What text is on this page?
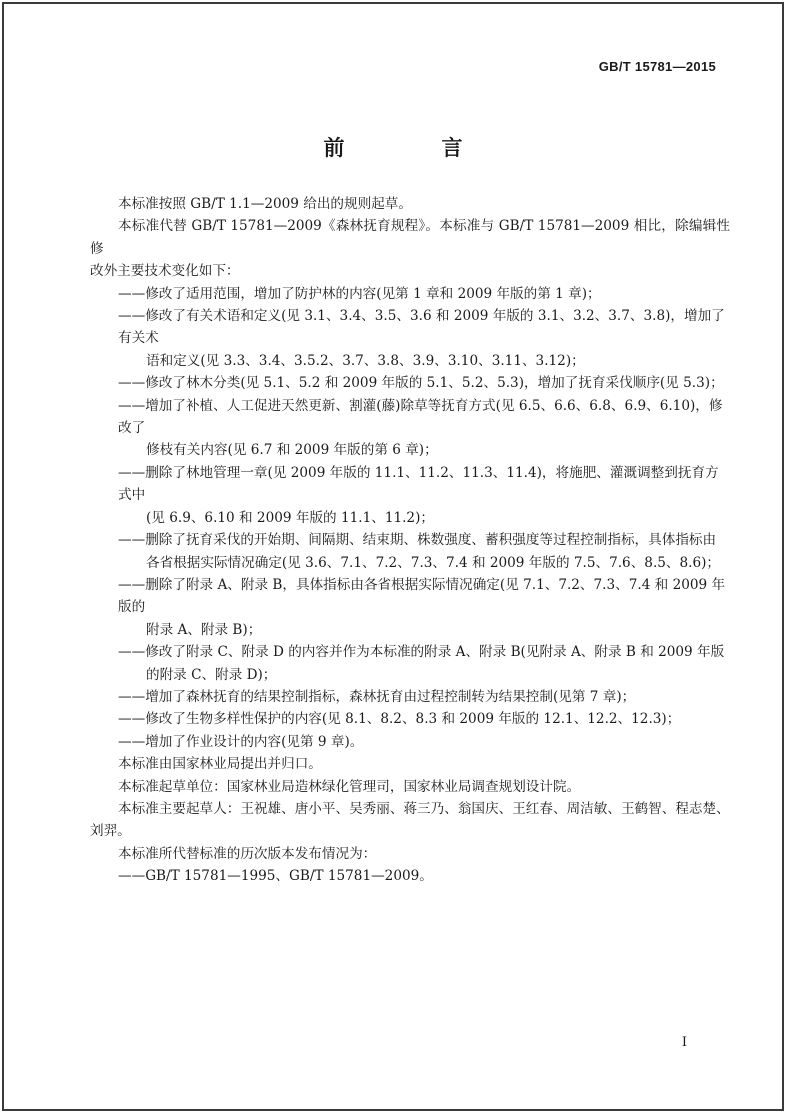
GB/T 15781—2015
前　言

本标准按照 GB/T 1.1—2009 给出的规则起草。

本标准代替 GB/T 15781—2009《森林抚育规程》。本标准与 GB/T 15781—2009 相比，除编辑性修

改外主要技术变化如下：

——修改了适用范围，增加了防护林的内容(见第 1 章和 2009 年版的第 1 章)；

——修改了有关术语和定义(见 3.1、3.4、3.5、3.6 和 2009 年版的 3.1、3.2、3.7、3.8)，增加了有关术

语和定义(见 3.3、3.4、3.5.2、3.7、3.8、3.9、3.10、3.11、3.12)；

——修改了林木分类(见 5.1、5.2 和 2009 年版的 5.1、5.2、5.3)，增加了抚育采伐顺序(见 5.3)；

——增加了补植、人工促进天然更新、割灌(藤)除草等抚育方式(见 6.5、6.6、6.8、6.9、6.10)，修改了

修枝有关内容(见 6.7 和 2009 年版的第 6 章)；

——删除了林地管理一章(见 2009 年版的 11.1、11.2、11.3、11.4)，将施肥、灌溉调整到抚育方式中

(见 6.9、6.10 和 2009 年版的 11.1、11.2)；

——删除了抚育采伐的开始期、间隔期、结束期、株数强度、蓄积强度等过程控制指标，具体指标由

各省根据实际情况确定(见 3.6、7.1、7.2、7.3、7.4 和 2009 年版的 7.5、7.6、8.5、8.6)；

——删除了附录 A、附录 B，具体指标由各省根据实际情况确定(见 7.1、7.2、7.3、7.4 和 2009 年版的

附录 A、附录 B)；

——修改了附录 C、附录 D 的内容并作为本标准的附录 A、附录 B(见附录 A、附录 B 和 2009 年版

的附录 C、附录 D)；

——增加了森林抚育的结果控制指标，森林抚育由过程控制转为结果控制(见第 7 章)；

——修改了生物多样性保护的内容(见 8.1、8.2、8.3 和 2009 年版的 12.1、12.2、12.3)；

——增加了作业设计的内容(见第 9 章)。

本标准由国家林业局提出并归口。

本标准起草单位：国家林业局造林绿化管理司，国家林业局调查规划设计院。

本标准主要起草人：王祝雄、唐小平、吴秀丽、蒋三乃、翁国庆、王红春、周洁敏、王鹤智、程志楚、

刘羿。

本标准所代替标准的历次版本发布情况为：

——GB/T 15781—1995、GB/T 15781—2009。

I
